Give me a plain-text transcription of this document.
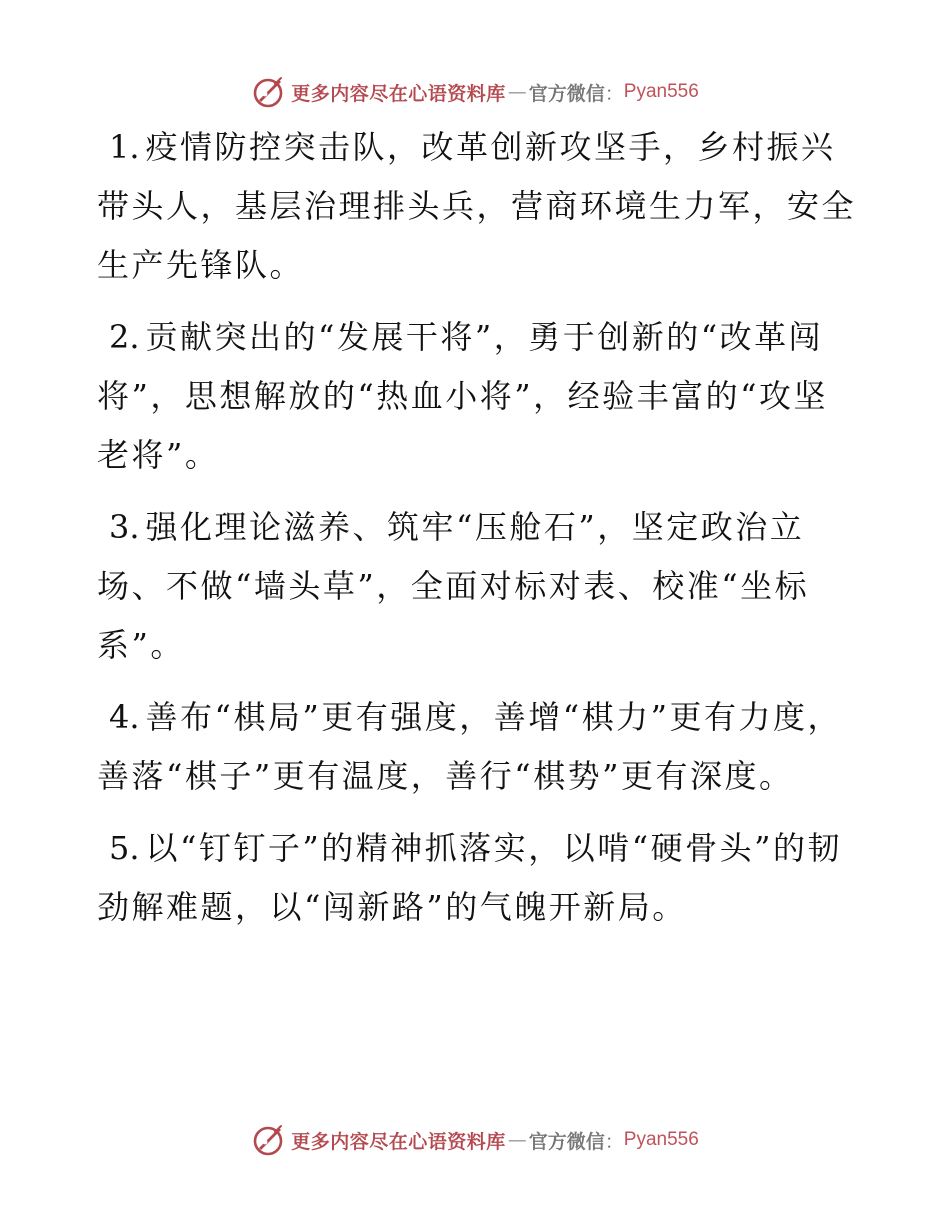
更多内容尽在心语资料库 — 官方微信 ： Pyan556

1. 疫情防控突击队，改革创新攻坚手，乡村振兴带头人，基层治理排头兵，营商环境生力军，安全生产先锋队。

2. 贡献突出的“发展干将”，勇于创新的“改革闯将”，思想解放的“热血小将”，经验丰富的“攻坚老将”。

3. 强化理论滋养、筑牢“压舱石”，坚定政治立场、不做“墙头草”，全面对标对表、校准“坐标系”。

4. 善布“棋局”更有强度，善增“棋力”更有力度，善落“棋子”更有温度，善行“棋势”更有深度。

5. 以“钉钉子”的精神抓落实，以啃“硬骨头”的韧劲解难题，以“闯新路”的气魄开新局。

更多内容尽在心语资料库 — 官方微信 ： Pyan556
